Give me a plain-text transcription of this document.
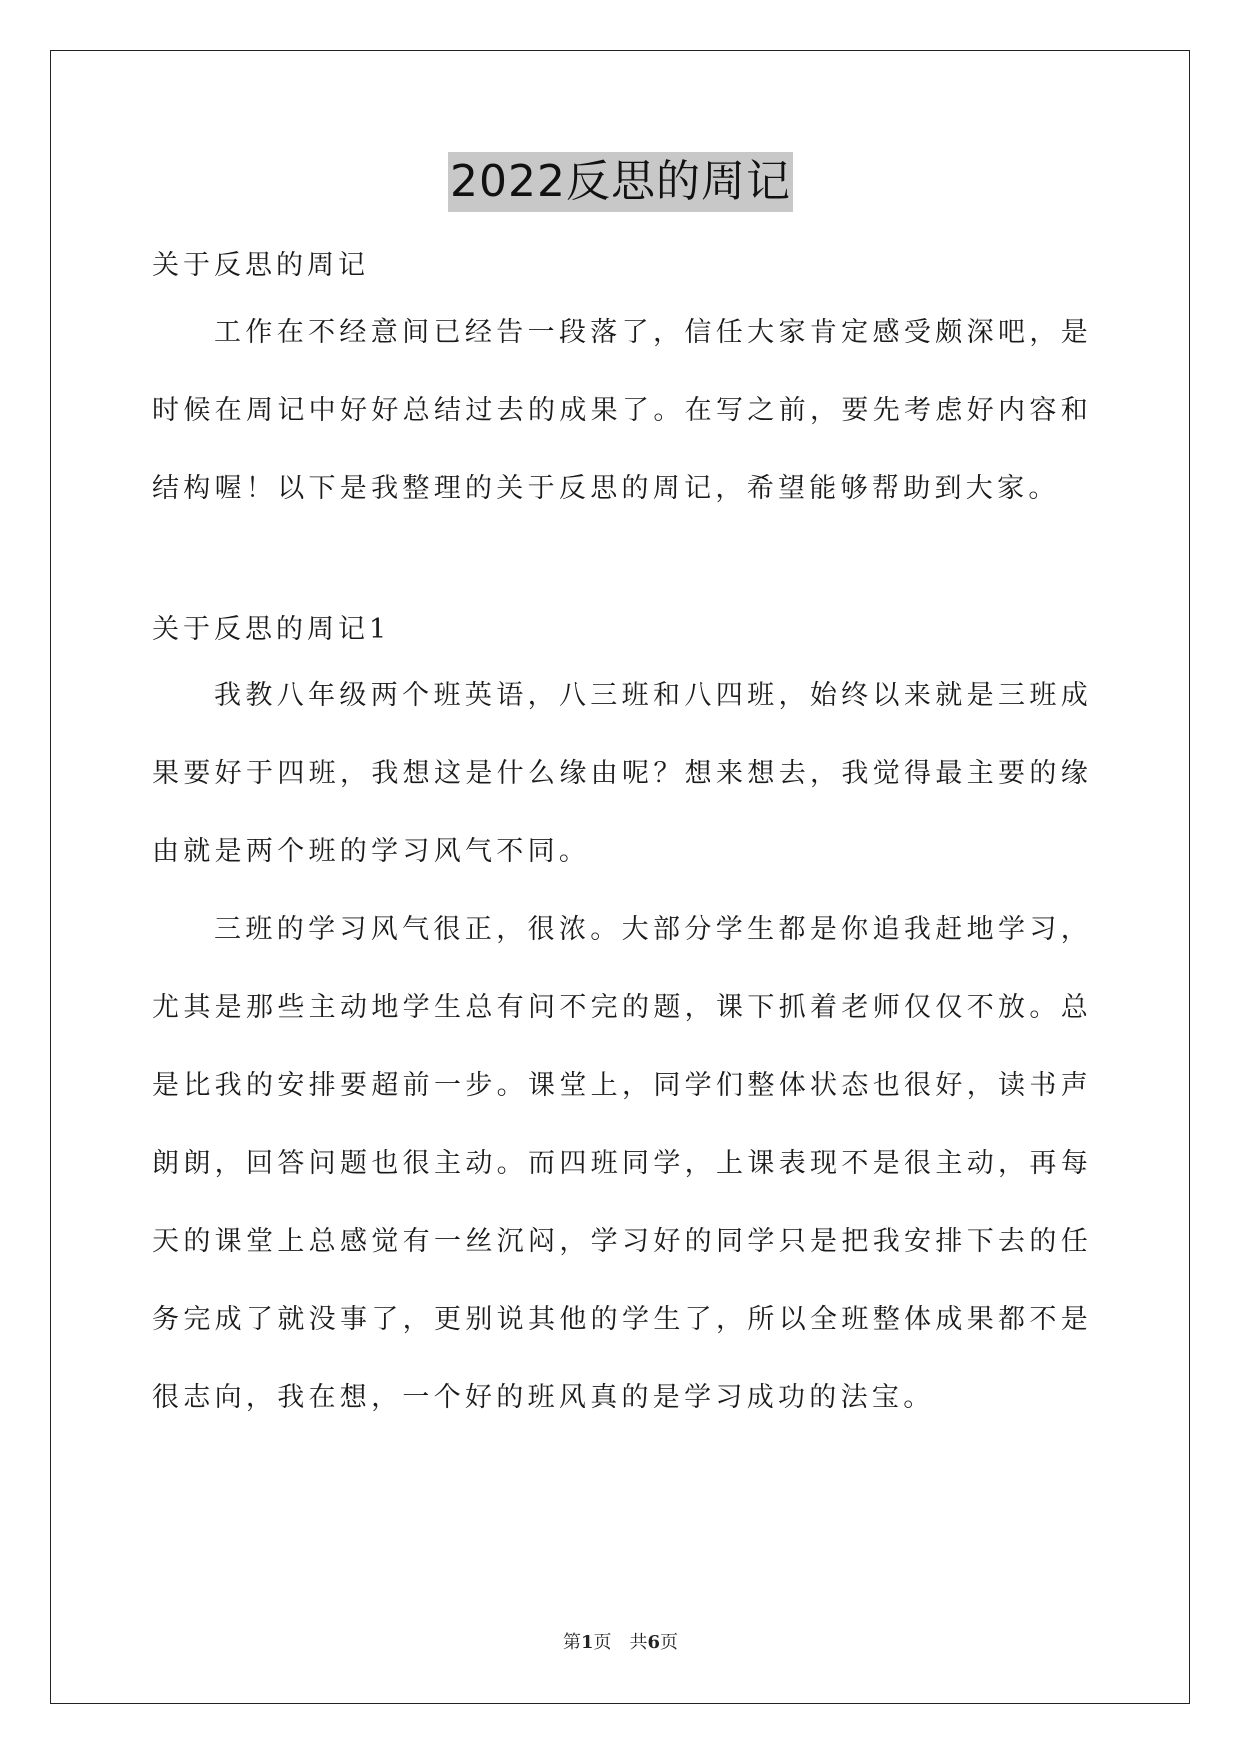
2022反思的周记

关于反思的周记

工作在不经意间已经告一段落了，信任大家肯定感受颇深吧，是时候在周记中好好总结过去的成果了。在写之前，要先考虑好内容和结构喔！以下是我整理的关于反思的周记，希望能够帮助到大家。

关于反思的周记1

我教八年级两个班英语，八三班和八四班，始终以来就是三班成果要好于四班，我想这是什么缘由呢？想来想去，我觉得最主要的缘由就是两个班的学习风气不同。

三班的学习风气很正，很浓。大部分学生都是你追我赶地学习，尤其是那些主动地学生总有问不完的题，课下抓着老师仅仅不放。总是比我的安排要超前一步。课堂上，同学们整体状态也很好，读书声朗朗，回答问题也很主动。而四班同学，上课表现不是很主动，再每天的课堂上总感觉有一丝沉闷，学习好的同学只是把我安排下去的任务完成了就没事了，更别说其他的学生了，所以全班整体成果都不是很志向，我在想，一个好的班风真的是学习成功的法宝。

第1页　共6页
